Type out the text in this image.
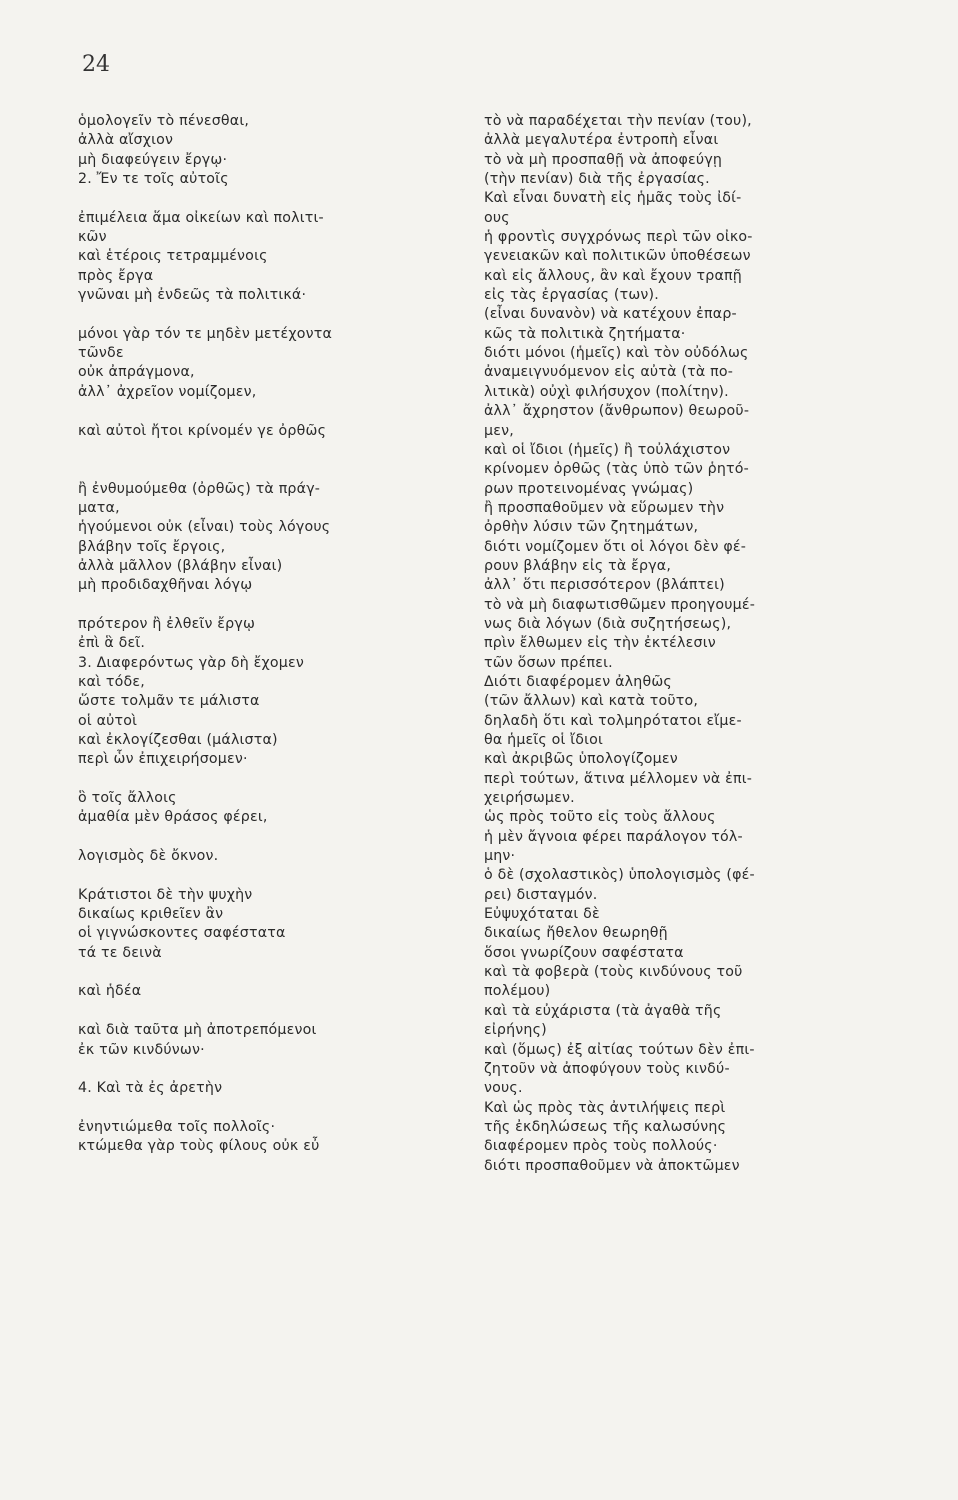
24
ὁμολογεῖν τὸ πένεσθαι,
ἀλλὰ αἴσχιον
μὴ διαφεύγειν ἔργῳ·
2. Ἔν τε τοῖς αὐτοῖς
ἐπιμέλεια ἅμα οἰκείων καὶ πολιτι-
κῶν
καὶ ἑτέροις τετραμμένοις
πρὸς ἔργα
γνῶναι μὴ ἐνδεῶς τὰ πολιτικά·
μόνοι γὰρ τόν τε μηδὲν μετέχοντα
τῶνδε
οὐκ ἀπράγμονα,
ἀλλ᾽ ἀχρεῖον νομίζομεν,
καὶ αὐτοὶ ἤτοι κρίνομέν γε ὀρθῶς
ἢ ἐνθυμούμεθα (ὀρθῶς) τὰ πράγ-
ματα,
ἡγούμενοι οὐκ (εἶναι) τοὺς λόγους
βλάβην τοῖς ἔργοις,
ἀλλὰ μᾶλλον (βλάβην εἶναι)
μὴ προδιδαχθῆναι λόγῳ
πρότερον ἢ ἐλθεῖν ἔργῳ
ἐπὶ ἃ δεῖ.
3. Διαφερόντως γὰρ δὴ ἔχομεν
καὶ τόδε,
ὥστε τολμᾶν τε μάλιστα
οἱ αὐτοὶ
καὶ ἐκλογίζεσθαι (μάλιστα)
περὶ ὧν ἐπιχειρήσομεν·
ὃ τοῖς ἄλλοις
ἀμαθία μὲν θράσος φέρει,
λογισμὸς δὲ ὄκνον.
Κράτιστοι δὲ τὴν ψυχὴν
δικαίως κριθεῖεν ἂν
οἱ γιγνώσκοντες σαφέστατα
τά τε δεινὰ
καὶ ἡδέα
καὶ διὰ ταῦτα μὴ ἀποτρεπόμενοι
ἐκ τῶν κινδύνων·
4. Καὶ τὰ ἐς ἀρετὴν
ἐνηντιώμεθα τοῖς πολλοῖς·
κτώμεθα γὰρ τοὺς φίλους οὐκ εὖ
τὸ νὰ παραδέχεται τὴν πενίαν (του),
ἀλλὰ μεγαλυτέρα ἐντροπὴ εἶναι
τὸ νὰ μὴ προσπαθῇ νὰ ἀποφεύγῃ
(τὴν πενίαν) διὰ τῆς ἐργασίας.
Καὶ εἶναι δυνατὴ εἰς ἡμᾶς τοὺς ἰδί-
ους
ἡ φροντὶς συγχρόνως περὶ τῶν οἰκο-
γενειακῶν καὶ πολιτικῶν ὑποθέσεων
καὶ εἰς ἄλλους, ἂν καὶ ἔχουν τραπῇ
εἰς τὰς ἐργασίας (των).
(εἶναι δυνανὸν) νὰ κατέχουν ἐπαρ-
κῶς τὰ πολιτικὰ ζητήματα·
διότι μόνοι (ἡμεῖς) καὶ τὸν οὐδόλως
ἀναμειγνυόμενον εἰς αὐτὰ (τὰ πο-
λιτικὰ) οὐχὶ φιλήσυχον (πολίτην).
ἀλλ᾽ ἄχρηστον (ἄνθρωπον) θεωροῦ-
μεν,
καὶ οἱ ἴδιοι (ἡμεῖς) ἢ τοὐλάχιστον
κρίνομεν ὀρθῶς (τὰς ὑπὸ τῶν ῥητό-
ρων προτεινομένας γνώμας)
ἢ προσπαθοῦμεν νὰ εὕρωμεν τὴν
ὀρθὴν λύσιν τῶν ζητημάτων,
διότι νομίζομεν ὅτι οἱ λόγοι δὲν φέ-
ρουν βλάβην εἰς τὰ ἔργα,
ἀλλ᾽ ὅτι περισσότερον (βλάπτει)
τὸ νὰ μὴ διαφωτισθῶμεν προηγουμέ-
νως διὰ λόγων (διὰ συζητήσεως),
πρὶν ἔλθωμεν εἰς τὴν ἐκτέλεσιν
τῶν ὅσων πρέπει.
Διότι διαφέρομεν ἀληθῶς
(τῶν ἄλλων) καὶ κατὰ τοῦτο,
δηλαδὴ ὅτι καὶ τολμηρότατοι εἴμε-
θα ἡμεῖς οἱ ἴδιοι
καὶ ἀκριβῶς ὑπολογίζομεν
περὶ τούτων, ἅτινα μέλλομεν νὰ ἐπι-
χειρήσωμεν.
ὡς πρὸς τοῦτο εἰς τοὺς ἄλλους
ἡ μὲν ἄγνοια φέρει παράλογον τόλ-
μην·
ὁ δὲ (σχολαστικὸς) ὑπολογισμὸς (φέ-
ρει) δισταγμόν.
Εὐψυχόταται δὲ
δικαίως ἤθελον θεωρηθῇ
ὅσοι γνωρίζουν σαφέστατα
καὶ τὰ φοβερὰ (τοὺς κινδύνους τοῦ
πολέμου)
καὶ τὰ εὐχάριστα (τὰ ἀγαθὰ τῆς
εἰρήνης)
καὶ (ὅμως) ἐξ αἰτίας τούτων δὲν ἐπι-
ζητοῦν νὰ ἀποφύγουν τοὺς κινδύ-
νους.
Καὶ ὡς πρὸς τὰς ἀντιλήψεις περὶ
τῆς ἐκδηλώσεως τῆς καλωσύνης
διαφέρομεν πρὸς τοὺς πολλούς·
διότι προσπαθοῦμεν νὰ ἀποκτῶμεν
